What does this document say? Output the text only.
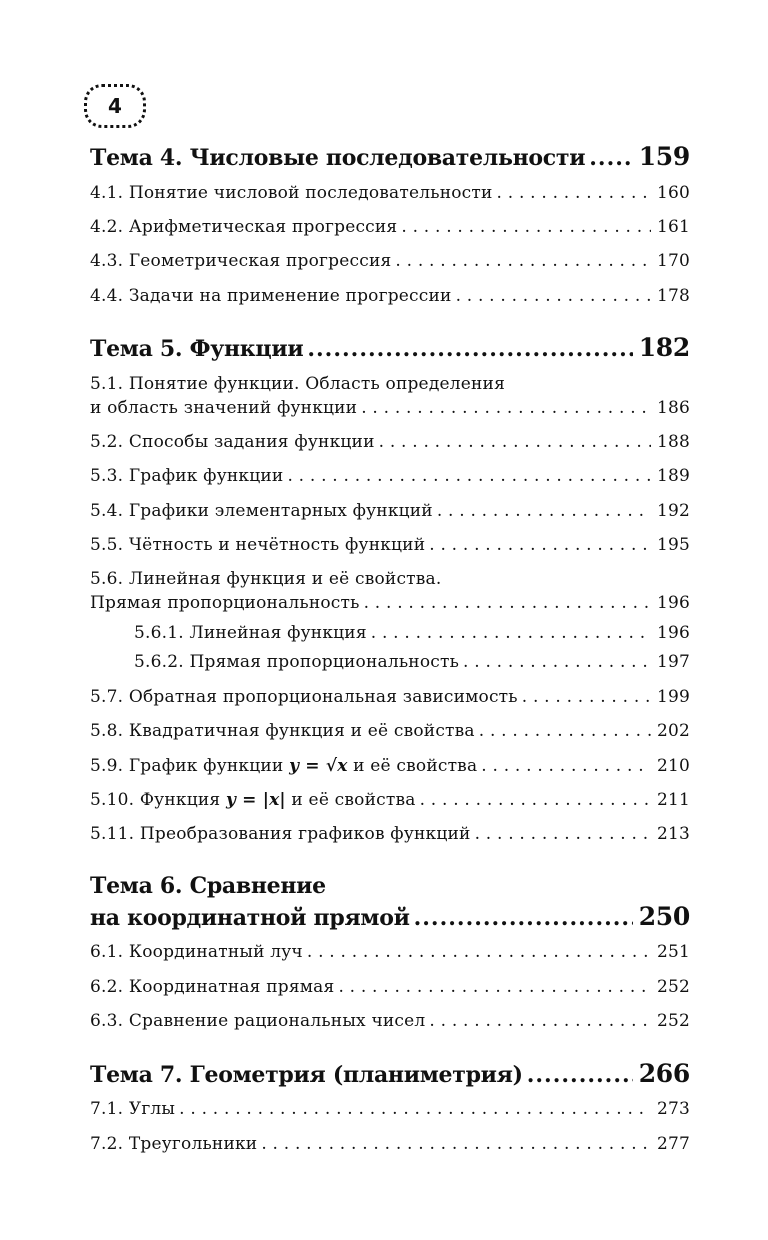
4
Тема 4. Числовые последовательности ..... 159
4.1. Понятие числовой последовательности . . .	160
4.2. Арифметическая прогрессия . . .	161
4.3. Геометрическая прогрессия . . .	170
4.4. Задачи на применение прогрессии . . .	178
Тема 5. Функции .....	182
5.1. Понятие функции. Область определения
и область значений функции . . .	186
5.2. Способы задания функции . . .	188
5.3. График функции . . .	189
5.4. Графики элементарных функций . . .	192
5.5. Чётность и нечётность функций . . .	195
5.6. Линейная функция и её свойства.
Прямая пропорциональность . . .	196
5.6.1. Линейная функция . . .	196
5.6.2. Прямая пропорциональность . . .	197
5.7. Обратная пропорциональная зависимость . . .	199
5.8. Квадратичная функция и её свойства . . .	202
5.9. График функции y = √x и её свойства . . .	210
5.10. Функция y = |x| и её свойства . . .	211
5.11. Преобразования графиков функций . . .	213
Тема 6. Сравнение
на координатной прямой .....	250
6.1. Координатный луч . . .	251
6.2. Координатная прямая . . .	252
6.3. Сравнение рациональных чисел . . .	252
Тема 7. Геометрия (планиметрия) .....	266
7.1. Углы . . .	273
7.2. Треугольники . . .	277
